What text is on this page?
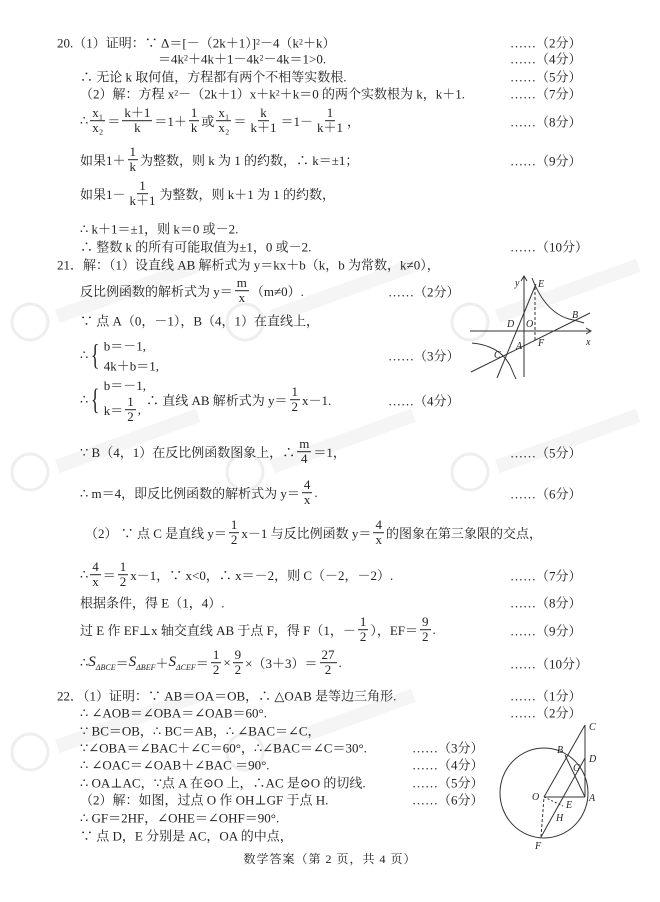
20.（1）证明：∵ Δ＝[－（2k＋1）] 2 －4（k 2 ＋k）	……（2分）
＝4k 2 ＋4k＋1－4k 2 －4k＝1>0.	……（4分）
∴ 无论 k 取何值，方程都有两个不相等实数根.	……（5分）
（2）解：方程 x 2 －（2k＋1）x＋k 2 ＋k＝0 的两个实数根为 k，k＋1.	……（7分）
∴ $\frac{\text{x₁}}{\text{x₂}} = \frac{k+1}{k} =1+ \frac{1}{k}$ 或 $\frac{\text{x₁}}{\text{x₂}} = \frac{k}{k+1} =1- \frac{1}{k+1}$ ，	……（8分）
如果$1+ \frac{1}{k}$ 为整数，则 k 为 1 的约数，∴ k＝±1；	……（9分）
如果$1- \frac{1}{k+1}$ 为整数，则 k＋1 为 1 的约数，
∴ k＋1＝±1，则 k＝0 或－2.
∴ 整数 k 的所有可能取值为±1，0 或－2.	……（10分）
21．解：（1）设直线 AB 解析式为 y＝kx＋b（k，b 为常数，k≠0），
反比例函数的解析式为 $y= \frac{m}{x} (m\ne 0)$.	……（2分）
∵ 点 A（0，－1），B（4，1）在直线上，
∴ { b＝－1,
4k＋b＝1,
……（3分）
∴ { b＝－1,
$k= \frac{1}{2}$ ,
∴ 直线 AB 解析式为 $y= \frac{1}{2} x-1$.	……（4分）
∵ B（4，1）在反比例函数图象上，∴ $\frac{m}{4} =1$，	……（5分）
∴ m＝4，即反比例函数的解析式为 $y= \frac{4}{x}$ .	……（6分）
（2） ∵ 点 C 是直线 $y= \frac{1}{2} x-1$ 与反比例函数 $y= \frac{4}{x}$ 的图象在第三象限的交点，
∴ $\frac{4}{x} = \frac{1}{2} x-1$，∵ x<0，∴ x＝－2，则 C（－2，－2）.	……（7分）
根据条件，得 E（1，4）.	……（8分）
过 E 作 EF⊥x 轴交直线 AB 于点 F，得 F（1，－ $\frac{1}{2}$ ），$EF= \frac{9}{2}$ .	……（9分）
∴ $S_{\Delta BCE} = S_{\Delta BEF} + S_{\Delta CEF} = \frac{1}{2} \times \frac{9}{2} \times(3+3)= \frac{27}{2}$ .	……（10分）
22．（1）证明：∵ AB＝OA＝OB，∴ △OAB 是等边三角形.	……（1分）
∴ ∠AOB＝∠OBA＝∠OAB＝60°.	……（2分）
∵ BC＝OB，∴ BC＝AB，∴ ∠BAC＝∠C，
∵∠OBA＝∠BAC＋∠C＝60°，∴∠BAC＝∠C＝30°.	……（3分）
∴ ∠OAC＝∠OAB＋∠BAC ＝90°.	……（4分）
∴ OA⊥AC，∵点 A 在⊙O 上，∴AC 是⊙O 的切线.	……（5分）
（2）解：如图，过点 O 作 OH⊥GF 于点 H.	……（6分）
∴ GF＝2HF，∠OHE＝∠OHF＝90°.
∵ 点 D，E 分别是 AC，OA 的中点，
y E
D O
B
x
C
A F
C
B
D
G
O
E
A
H
F
数学答案（第 2 页，共 4 页）
